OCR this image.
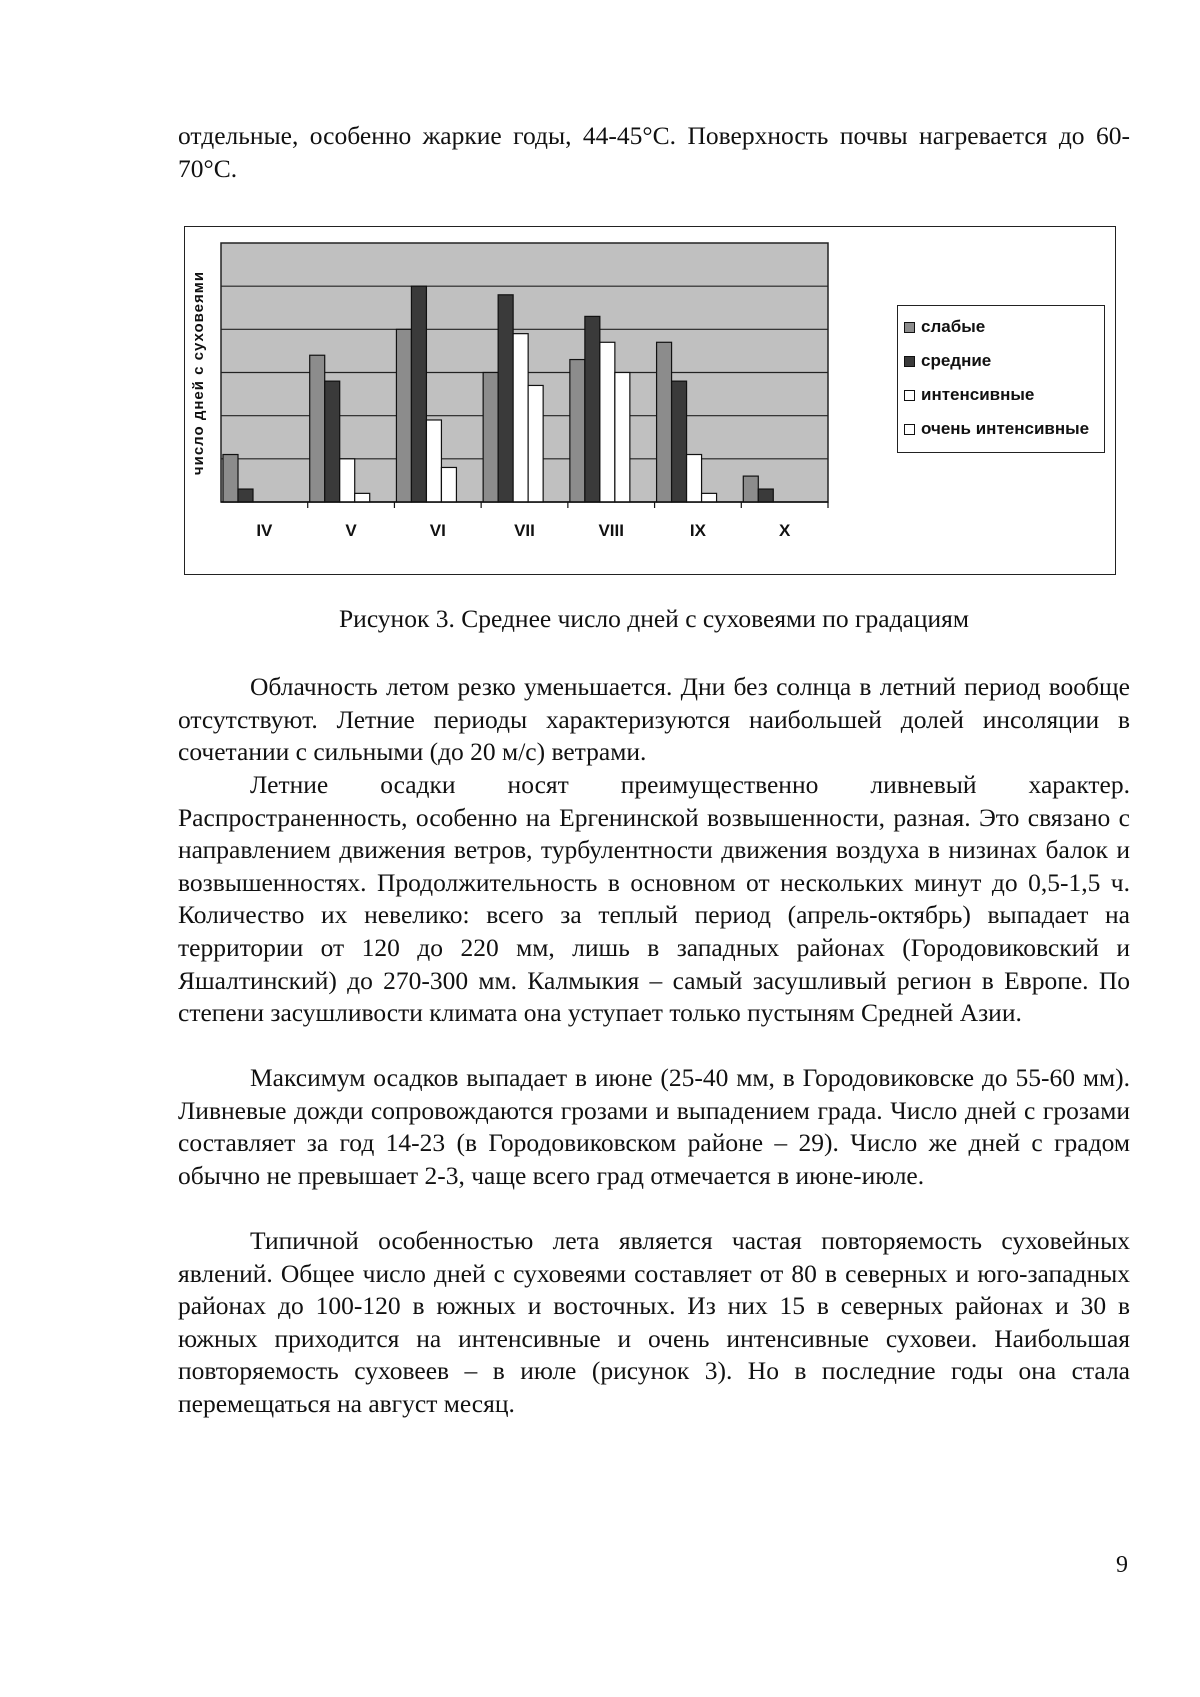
отдельные, особенно жаркие годы, 44-45°С. Поверхность почвы нагревается до 60-70°С.

IV	V	VI	VII	VIII	IX	X
число дней с суховеями	слабые
средние
интенсивные
очень интенсивные

Рисунок 3. Среднее число дней с суховеями по градациям

Облачность летом резко уменьшается. Дни без солнца в летний период вообще отсутствуют. Летние периоды характеризуются наибольшей долей инсоляции в сочетании с сильными (до 20 м/с) ветрами.

Летние осадки носят преимущественно ливневый характер. Распространенность, особенно на Ергенинской возвышенности, разная. Это связано с направлением движения ветров, турбулентности движения воздуха в низинах балок и возвышенностях. Продолжительность в основном от нескольких минут до 0,5-1,5 ч. Количество их невелико: всего за теплый период (апрель-октябрь) выпадает на территории от 120 до 220 мм, лишь в западных районах (Городовиковский и Яшалтинский) до 270-300 мм. Калмыкия – самый засушливый регион в Европе. По степени засушливости климата она уступает только пустыням Средней Азии.

Максимум осадков выпадает в июне (25-40 мм, в Городовиковске до 55-60 мм). Ливневые дожди сопровождаются грозами и выпадением града. Число дней с грозами составляет за год 14-23 (в Городовиковском районе – 29). Число же дней с градом обычно не превышает 2-3, чаще всего град отмечается в июне-июле.

Типичной особенностью лета является частая повторяемость суховейных явлений. Общее число дней с суховеями составляет от 80 в северных и юго-западных районах до 100-120 в южных и восточных. Из них 15 в северных районах и 30 в южных приходится на интенсивные и очень интенсивные суховеи. Наибольшая повторяемость суховеев – в июле (рисунок 3). Но в последние годы она стала перемещаться на август месяц.

9
